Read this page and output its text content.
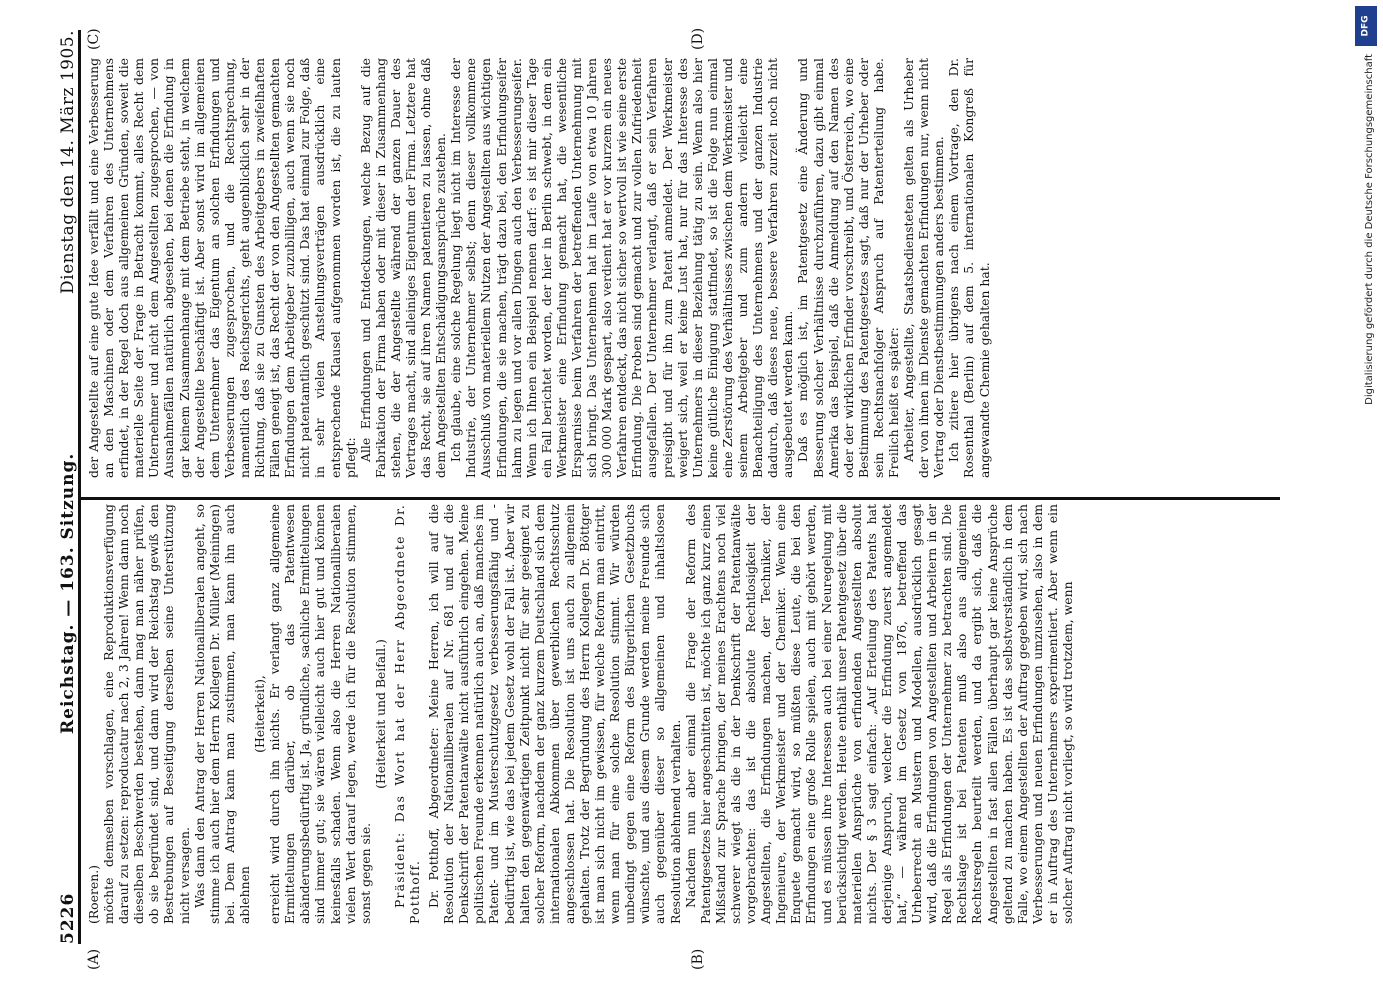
5226
Reichstag. — 163. Sitzung.
Dienstag den 14. März 1905.
(A)	(B)
(C)	(D)

(Roeren.) möchte demselben vorschlagen, eine Reproduktionsverfügung darauf zu setzen: reproducatur nach 2, 3 Jahren! Wenn dann noch dieselben Beschwerden bestehen, dann mag man näher prüfen, ob sie begründet sind, und dann wird der Reichstag gewiß den Bestrebungen auf Beseitigung derselben seine Unterstützung nicht versagen. Was dann den Antrag der Herren Nationalliberalen angeht, so stimme ich auch hier dem Herrn Kollegen Dr. Müller (Meiningen) bei. Dem Antrag kann man zustimmen, man kann ihn auch ablehnen

(Heiterkeit), erreicht wird durch ihn nichts. Er verlangt ganz allgemeine Ermittelungen darüber, ob das Patentwesen abänderungsbedürftig ist. Ja, gründliche, sachliche Ermittelungen sind immer gut; sie wären vielleicht auch hier gut und können keinesfalls schaden. Wenn also die Herren Nationalliberalen vielen Wert darauf legen, werde ich für die Resolution stimmen, sonst gegen sie.

(Heiterkeit und Beifall.) Präsident: Das Wort hat der Herr Abgeordnete Dr. Potthoff. Dr. Potthoff, Abgeordneter: Meine Herren, ich will auf die Resolution der Nationalliberalen auf Nr. 681 und auf die Denkschrift der Patentanwälte nicht ausführlich eingehen. Meine politischen Freunde erkennen natürlich auch an, daß manches im Patent- und im Musterschutzgesetz verbesserungsfähig und -bedürftig ist, wie das bei jedem Gesetz wohl der Fall ist. Aber wir halten den gegenwärtigen Zeitpunkt nicht für sehr geeignet zu solcher Reform, nachdem der ganz kurzem Deutschland sich dem internationalen Abkommen über gewerblichen Rechtsschutz angeschlossen hat. Die Resolution ist uns auch zu allgemein gehalten. Trotz der Begründung des Herrn Kollegen Dr. Böttger ist man sich nicht im gewissen, für welche Reform man eintritt, wenn man für eine solche Resolution stimmt. Wir würden unbedingt gegen eine Reform des Bürgerlichen Gesetzbuchs wünschte, und aus diesem Grunde werden meine Freunde sich auch gegenüber dieser so allgemeinen und inhaltslosen Resolution ablehnend verhalten. Nachdem nun aber einmal die Frage der Reform des Patentgesetzes hier angeschnitten ist, möchte ich ganz kurz einen Mißstand zur Sprache bringen, der meines Erachtens noch viel schwerer wiegt als die in der Denkschrift der Patentanwälte vorgebrachten: das ist die absolute Rechtlosigkeit der Angestellten, die Erfindungen machen, der Techniker, der Ingenieure, der Werkmeister und der Chemiker. Wenn eine Enquete gemacht wird, so müßten diese Leute, die bei den Erfindungen eine große Rolle spielen, auch mit gehört werden, und es müssen ihre Interessen auch bei einer Neuregelung mit berücksichtigt werden. Heute enthält unser Patentgesetz über die materiellen Ansprüche von erfindenden Angestellten absolut nichts. Der § 3 sagt einfach: „Auf Erteilung des Patents hat derjenige Anspruch, welcher die Erfindung zuerst angemeldet hat,“ — während im Gesetz von 1876, betreffend das Urheberrecht an Mustern und Modellen, ausdrücklich gesagt wird, daß die Erfindungen von Angestellten und Arbeitern in der Regel als Erfindungen der Unternehmer zu betrachten sind. Die Rechtslage ist bei Patenten muß also aus allgemeinen Rechtsregeln beurteilt werden, und da ergibt sich, daß die Angestellten in fast allen Fällen überhaupt gar keine Ansprüche geltend zu machen haben. Es ist das selbstverständlich in dem Falle, wo einem Angestellten der Auftrag gegeben wird, sich nach Verbesserungen und neuen Erfindungen umzusehen, also in dem er in Auftrag des Unternehmers experimentiert. Aber wenn ein solcher Auftrag nicht vorliegt, so wird trotzdem, wenn

der Angestellte auf eine gute Idee verfällt und eine Verbesserung an den Maschinen oder dem Verfahren des Unternehmens erfindet, in der Regel doch aus allgemeinen Gründen, soweit die materielle Seite der Frage in Betracht kommt, alles Recht dem Unternehmer und nicht dem Angestellten zugesprochen, — von Ausnahmefällen natürlich abgesehen, bei denen die Erfindung in gar keinem Zusammenhange mit dem Betriebe steht, in welchem der Angestellte beschäftigt ist. Aber sonst wird im allgemeinen dem Unternehmer das Eigentum an solchen Erfindungen und Verbesserungen zugesprochen, und die Rechtsprechung, namentlich des Reichsgerichts, geht augenblicklich sehr in der Richtung, daß sie zu Gunsten des Arbeitgebers in zweifelhaften Fällen geneigt ist, das Recht der von den Angestellten gemachten Erfindungen dem Arbeitgeber zuzubilligen, auch wenn sie noch nicht patentamtlich geschützt sind. Das hat einmal zur Folge, daß in sehr vielen Anstellungsverträgen ausdrücklich eine entsprechende Klausel aufgenommen worden ist, die zu lauten pflegt: Alle Erfindungen und Entdeckungen, welche Bezug auf die Fabrikation der Firma haben oder mit dieser in Zusammenhang stehen, die der Angestellte während der ganzen Dauer des Vertrages macht, sind alleiniges Eigentum der Firma. Letztere hat das Recht, sie auf ihren Namen patentieren zu lassen, ohne daß dem Angestellten Entschädigungsansprüche zustehen. Ich glaube, eine solche Regelung liegt nicht im Interesse der Industrie, der Unternehmer selbst; denn dieser vollkommene Ausschluß von materiellem Nutzen der Angestellten aus wichtigen Erfindungen, die sie machen, trägt dazu bei, den Erfindungseifer lahm zu legen und vor allen Dingen auch den Verbesserungseifer. Wenn ich Ihnen ein Beispiel nennen darf: es ist mir dieser Tage ein Fall berichtet worden, der hier in Berlin schwebt, in dem ein Werkmeister eine Erfindung gemacht hat, die wesentliche Ersparnisse beim Verfahren der betreffenden Unternehmung mit sich bringt. Das Unternehmen hat im Laufe von etwa 10 Jahren 300 000 Mark gespart, also verdient hat er vor kurzem ein neues Verfahren entdeckt, das nicht sicher so wertvoll ist wie seine erste Erfindung. Die Proben sind gemacht und zur vollen Zufriedenheit ausgefallen. Der Unternehmer verlangt, daß er sein Verfahren preisgibt und für ihn zum Patent anmeldet. Der Werkmeister weigert sich, weil er keine Lust hat, nur für das Interesse des Unternehmers in dieser Beziehung tätig zu sein. Wenn also hier keine gütliche Einigung stattfindet, so ist die Folge nun einmal eine Zerstörung des Verhältnisses zwischen dem Werkmeister und seinem Arbeitgeber und zum andern vielleicht eine Benachteiligung des Unternehmens und der ganzen Industrie dadurch, daß dieses neue, bessere Verfahren zurzeit noch nicht ausgebeutet werden kann. Daß es möglich ist, im Patentgesetz eine Änderung und Besserung solcher Verhältnisse durchzuführen, dazu gibt einmal Amerika das Beispiel, daß die Anmeldung auf den Namen des oder der wirklichen Erfinder vorschreibt, und Österreich, wo eine Bestimmung des Patentgesetzes sagt, daß nur der Urheber oder sein Rechtsnachfolger Anspruch auf Patenterteilung habe. Freilich heißt es später: Arbeiter, Angestellte, Staatsbediensteten gelten als Urheber der von ihnen im Dienste gemachten Erfindungen nur, wenn nicht Vertrag oder Dienstbestimmungen anders bestimmen. Ich zitiere hier übrigens nach einem Vortrage, den Dr. Rosenthal (Berlin) auf dem 5. internationalen Kongreß für angewandte Chemie gehalten hat.

DFG
Digitalisierung gefördert durch die Deutsche Forschungsgemeinschaft
